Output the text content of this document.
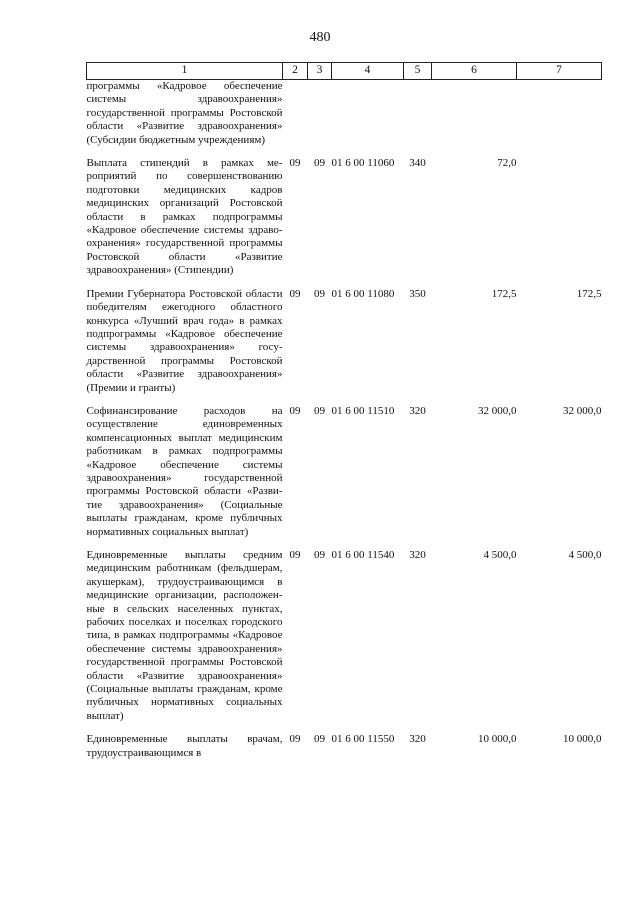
480
1	2	3	4	5	6	7
программы «Кадровое обеспечение системы здравоохранения» государственной программы Ростовской области «Развитие здравоохранения» (Субсидии бюджетным учреждениям)						
Выплата стипендий в рамках мероприятий по совершенствованию подготовки медицинских кадров медицинских организаций Ростовской области в рамках подпрограммы «Кадровое обеспечение системы здравоохранения» государственной программы Ростовской области «Развитие здравоохранения» (Стипендии)	09	09	01 6 00 11060	340	72,0	
Премии Губернатора Ростовской области победителям ежегодного областного конкурса «Лучший врач года» в рамках подпрограммы «Кадровое обеспечение системы здравоохранения» государственной программы Ростовской области «Развитие здравоохранения» (Премии и гранты)	09	09	01 6 00 11080	350	172,5	172,5
Софинансирование расходов на осуществление единовременных компенсационных выплат медицинским работникам в рамках подпрограммы «Кадровое обеспечение системы здравоохранения» государственной программы Ростовской области «Развитие здравоохранения» (Социальные выплаты гражданам, кроме публичных нормативных социальных выплат)	09	09	01 6 00 11510	320	32 000,0	32 000,0
Единовременные выплаты средним медицинским работникам (фельдшерам, акушеркам), трудоустраивающимся в медицинские организации, расположенные в сельских населенных пунктах, рабочих поселках и поселках городского типа, в рамках подпрограммы «Кадровое обеспечение системы здравоохранения» государственной программы Ростовской области «Развитие здравоохранения» (Социальные выплаты гражданам, кроме публичных нормативных социальных выплат)	09	09	01 6 00 11540	320	4 500,0	4 500,0
Единовременные выплаты врачам, трудоустраивающимся в	09	09	01 6 00 11550	320	10 000,0	10 000,0
